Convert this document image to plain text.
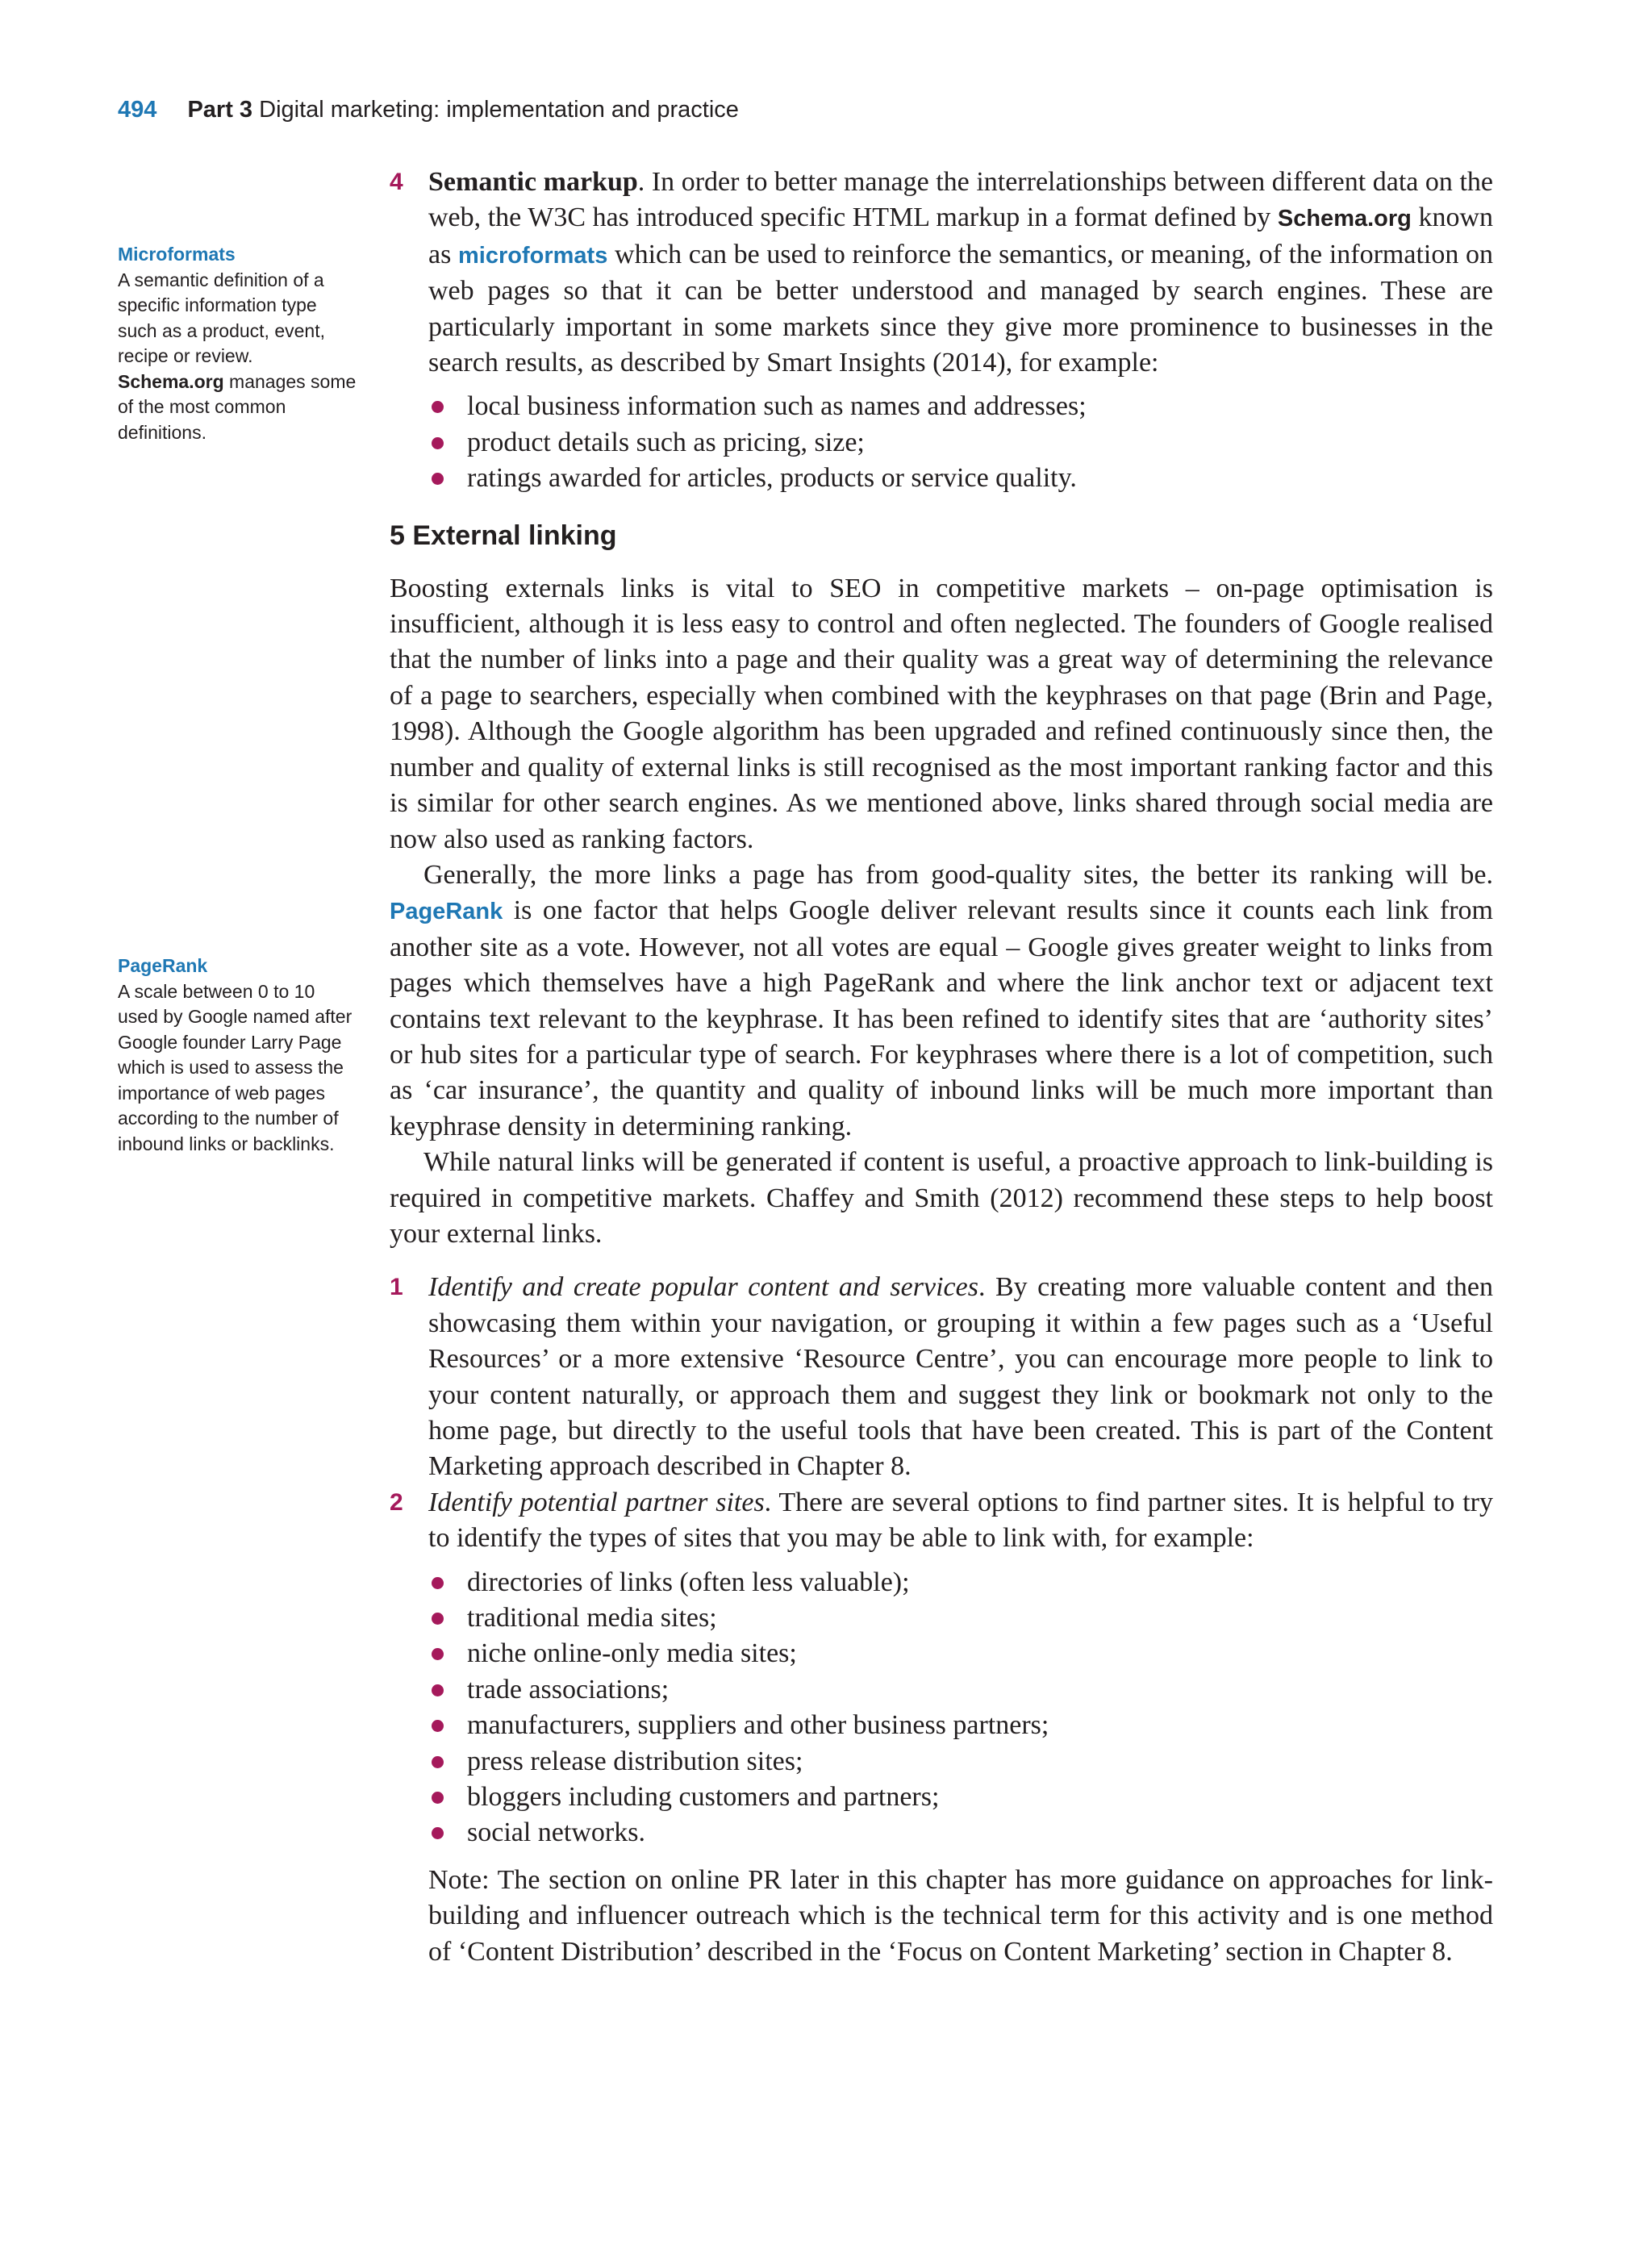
494 Part 3 Digital marketing: implementation and practice
Microformats
A semantic definition of a specific information type such as a product, event, recipe or review. Schema.org manages some of the most common definitions.
PageRank
A scale between 0 to 10 used by Google named after Google founder Larry Page which is used to assess the importance of web pages according to the number of inbound links or backlinks.

4 Semantic markup. In order to better manage the interrelationships between different data on the web, the W3C has introduced specific HTML markup in a format defined by Schema.org known as microformats which can be used to reinforce the semantics, or meaning, of the information on web pages so that it can be better understood and managed by search engines. These are particularly important in some markets since they give more prominence to businesses in the search results, as described by Smart Insights (2014), for example:

local business information such as names and addresses;
product details such as pricing, size;
ratings awarded for articles, products or service quality.

5 External linking

Boosting externals links is vital to SEO in competitive markets – on-page optimisation is insufficient, although it is less easy to control and often neglected. The founders of Google realised that the number of links into a page and their quality was a great way of determining the relevance of a page to searchers, especially when combined with the keyphrases on that page (Brin and Page, 1998). Although the Google algorithm has been upgraded and refined continuously since then, the number and quality of external links is still recognised as the most important ranking factor and this is similar for other search engines. As we mentioned above, links shared through social media are now also used as ranking factors.

Generally, the more links a page has from good-quality sites, the better its ranking will be. PageRank is one factor that helps Google deliver relevant results since it counts each link from another site as a vote. However, not all votes are equal – Google gives greater weight to links from pages which themselves have a high PageRank and where the link anchor text or adjacent text contains text relevant to the keyphrase. It has been refined to identify sites that are ‘authority sites’ or hub sites for a particular type of search. For keyphrases where there is a lot of competition, such as ‘car insurance’, the quantity and quality of inbound links will be much more important than keyphrase density in determining ranking.

While natural links will be generated if content is useful, a proactive approach to link-building is required in competitive markets. Chaffey and Smith (2012) recommend these steps to help boost your external links.

1 Identify and create popular content and services. By creating more valuable content and then showcasing them within your navigation, or grouping it within a few pages such as a ‘Useful Resources’ or a more extensive ‘Resource Centre’, you can encourage more people to link to your content naturally, or approach them and suggest they link or bookmark not only to the home page, but directly to the useful tools that have been created. This is part of the Content Marketing approach described in Chapter 8.

2 Identify potential partner sites. There are several options to find partner sites. It is helpful to try to identify the types of sites that you may be able to link with, for example:

directories of links (often less valuable);
traditional media sites;
niche online-only media sites;
trade associations;
manufacturers, suppliers and other business partners;
press release distribution sites;
bloggers including customers and partners;
social networks.

Note: The section on online PR later in this chapter has more guidance on approaches for link-building and influencer outreach which is the technical term for this activity and is one method of ‘Content Distribution’ described in the ‘Focus on Content Marketing’ section in Chapter 8.
